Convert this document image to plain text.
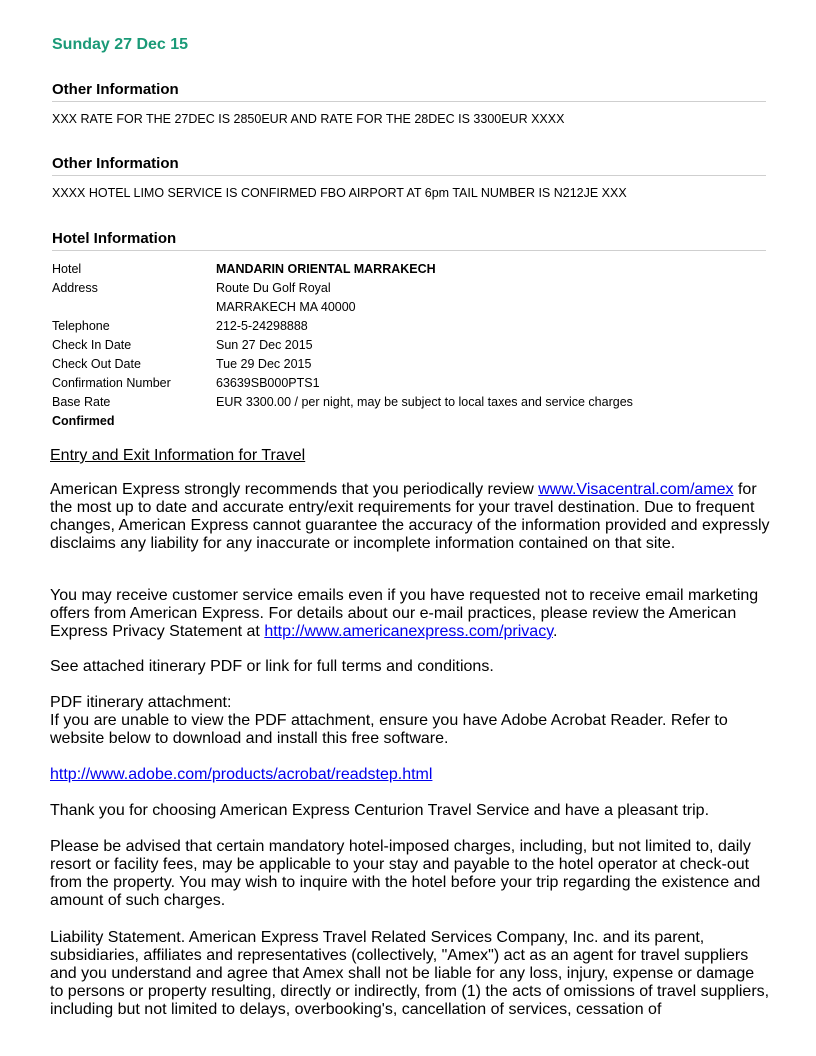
Sunday 27 Dec 15
Other Information

XXX RATE FOR THE 27DEC IS 2850EUR AND RATE FOR THE 28DEC IS 3300EUR XXXX

Other Information

XXXX HOTEL LIMO SERVICE IS CONFIRMED FBO AIRPORT AT 6pm TAIL NUMBER IS N212JE XXX

Hotel Information
Hotel	MANDARIN ORIENTAL MARRAKECH
Address	Route Du Golf Royal
	MARRAKECH MA 40000
Telephone	212-5-24298888
Check In Date	Sun 27 Dec 2015
Check Out Date	Tue 29 Dec 2015
Confirmation Number	63639SB000PTS1
Base Rate	EUR 3300.00 / per night, may be subject to local taxes and service charges
Confirmed

Entry and Exit Information for Travel

American Express strongly recommends that you periodically review www.Visacentral.com/amex for the most up to date and accurate entry/exit requirements for your travel destination. Due to frequent changes, American Express cannot guarantee the accuracy of the information provided and expressly disclaims any liability for any inaccurate or incomplete information contained on that site.

You may receive customer service emails even if you have requested not to receive email marketing offers from American Express. For details about our e-mail practices, please review the American Express Privacy Statement at http://www.americanexpress.com/privacy.

See attached itinerary PDF or link for full terms and conditions.

PDF itinerary attachment:

If you are unable to view the PDF attachment, ensure you have Adobe Acrobat Reader. Refer to website below to download and install this free software.

http://www.adobe.com/products/acrobat/readstep.html

Thank you for choosing American Express Centurion Travel Service and have a pleasant trip.

Please be advised that certain mandatory hotel-imposed charges, including, but not limited to, daily resort or facility fees, may be applicable to your stay and payable to the hotel operator at check-out from the property. You may wish to inquire with the hotel before your trip regarding the existence and amount of such charges.

Liability Statement. American Express Travel Related Services Company, Inc. and its parent, subsidiaries, affiliates and representatives (collectively, "Amex") act as an agent for travel suppliers and you understand and agree that Amex shall not be liable for any loss, injury, expense or damage to persons or property resulting, directly or indirectly, from (1) the acts of omissions of travel suppliers, including but not limited to delays, overbooking's, cancellation of services, cessation of
